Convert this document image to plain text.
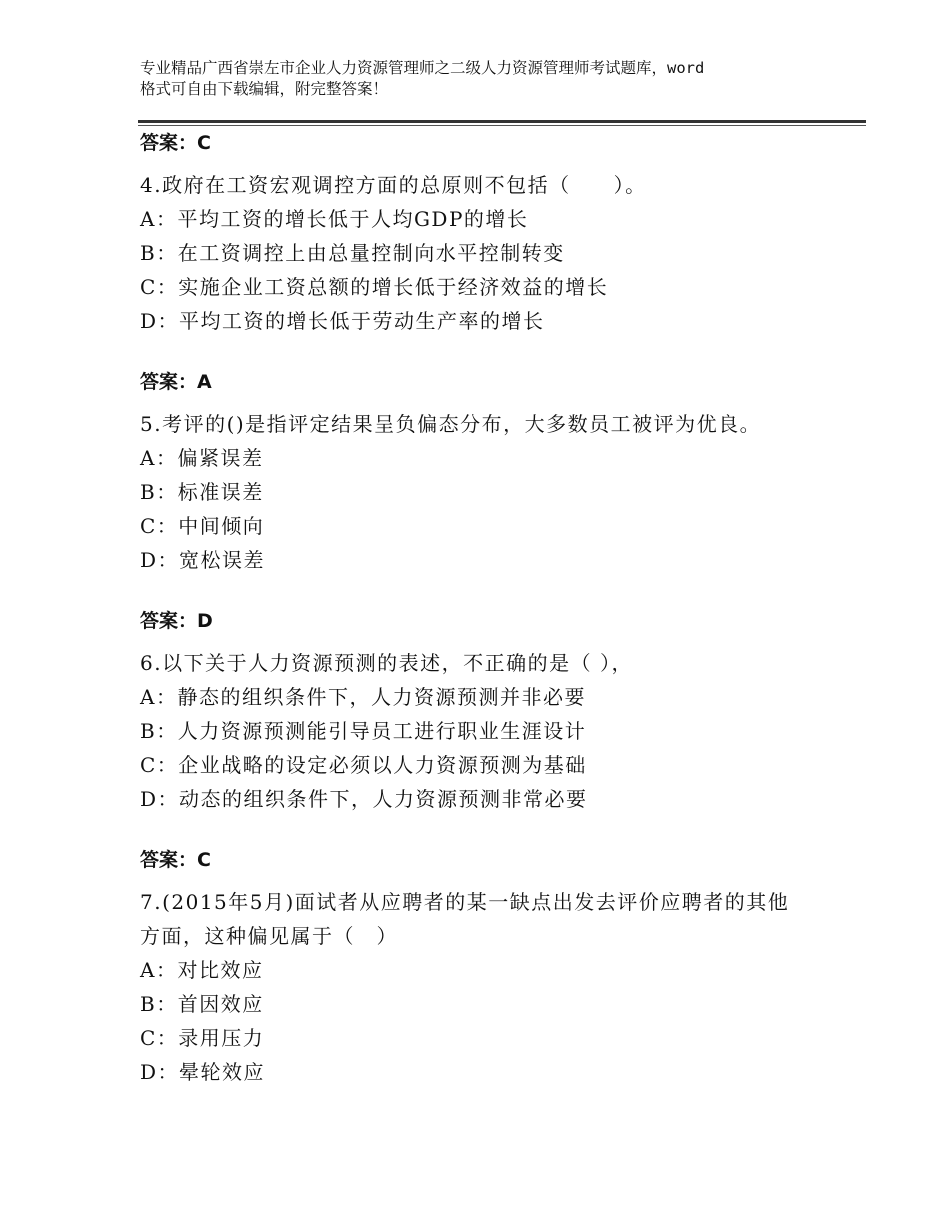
专业精品广西省崇左市企业人力资源管理师之二级人力资源管理师考试题库，word
格式可自由下载编辑，附完整答案！
答案：C
4.政府在工资宏观调控方面的总原则不包括（　　）。
A：平均工资的增长低于人均GDP的增长
B：在工资调控上由总量控制向水平控制转变
C：实施企业工资总额的增长低于经济效益的增长
D：平均工资的增长低于劳动生产率的增长
答案：A
5.考评的()是指评定结果呈负偏态分布，大多数员工被评为优良。
A：偏紧误差
B：标准误差
C：中间倾向
D：宽松误差
答案：D
6.以下关于人力资源预测的表述，不正确的是（ ），
A：静态的组织条件下，人力资源预测并非必要
B：人力资源预测能引导员工进行职业生涯设计
C：企业战略的设定必须以人力资源预测为基础
D：动态的组织条件下，人力资源预测非常必要
答案：C
7.(2015年5月)面试者从应聘者的某一缺点出发去评价应聘者的其他
方面，这种偏见属于（　）
A：对比效应
B：首因效应
C：录用压力
D：晕轮效应
